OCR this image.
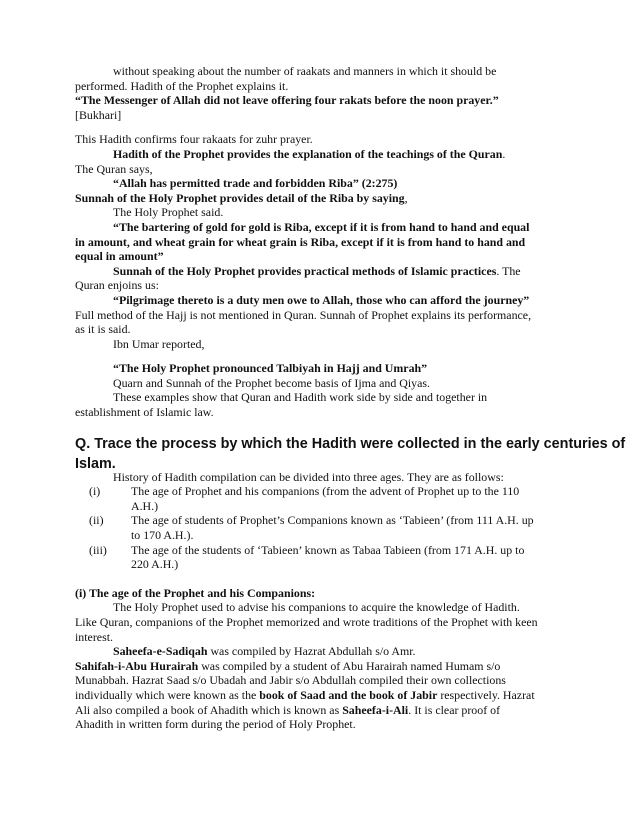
without speaking about the number of raakats and manners in which it should be
performed. Hadith of the Prophet explains it.
“The Messenger of Allah did not leave offering four rakats before the noon prayer.”
[Bukhari]
This Hadith confirms four rakaats for zuhr prayer.
Hadith of the Prophet provides the explanation of the teachings of the Quran.
The Quran says,
“Allah has permitted trade and forbidden Riba” (2:275)
Sunnah of the Holy Prophet provides detail of the Riba by saying,
The Holy Prophet said.
“The bartering of gold for gold is Riba, except if it is from hand to hand and equal
in amount, and wheat grain for wheat grain is Riba, except if it is from hand to hand and
equal in amount”
Sunnah of the Holy Prophet provides practical methods of Islamic practices. The
Quran enjoins us:
“Pilgrimage thereto is a duty men owe to Allah, those who can afford the journey”
Full method of the Hajj is not mentioned in Quran. Sunnah of Prophet explains its performance,
as it is said.
Ibn Umar reported,
“The Holy Prophet pronounced Talbiyah in Hajj and Umrah”
Quarn and Sunnah of the Prophet become basis of Ijma and Qiyas.
These examples show that Quran and Hadith work side by side and together in
establishment of Islamic law.
Q. Trace the process by which the Hadith were collected in the early centuries of
Islam.
History of Hadith compilation can be divided into three ages. They are as follows:
(i)	The age of Prophet and his companions (from the advent of Prophet up to the 110
A.H.)
(ii)	The age of students of Prophet’s Companions known as ‘Tabieen’ (from 111 A.H. up
to 170 A.H.).
(iii)	The age of the students of ‘Tabieen’ known as Tabaa Tabieen (from 171 A.H. up to
220 A.H.)
(i) The age of the Prophet and his Companions:
The Holy Prophet used to advise his companions to acquire the knowledge of Hadith.
Like Quran, companions of the Prophet memorized and wrote traditions of the Prophet with keen
interest.
Saheefa-e-Sadiqah was compiled by Hazrat Abdullah s/o Amr.
Sahifah-i-Abu Hurairah was compiled by a student of Abu Harairah named Humam s/o
Munabbah. Hazrat Saad s/o Ubadah and Jabir s/o Abdullah compiled their own collections
individually which were known as the book of Saad and the book of Jabir respectively. Hazrat
Ali also compiled a book of Ahadith which is known as Saheefa-i-Ali. It is clear proof of
Ahadith in written form during the period of Holy Prophet.
